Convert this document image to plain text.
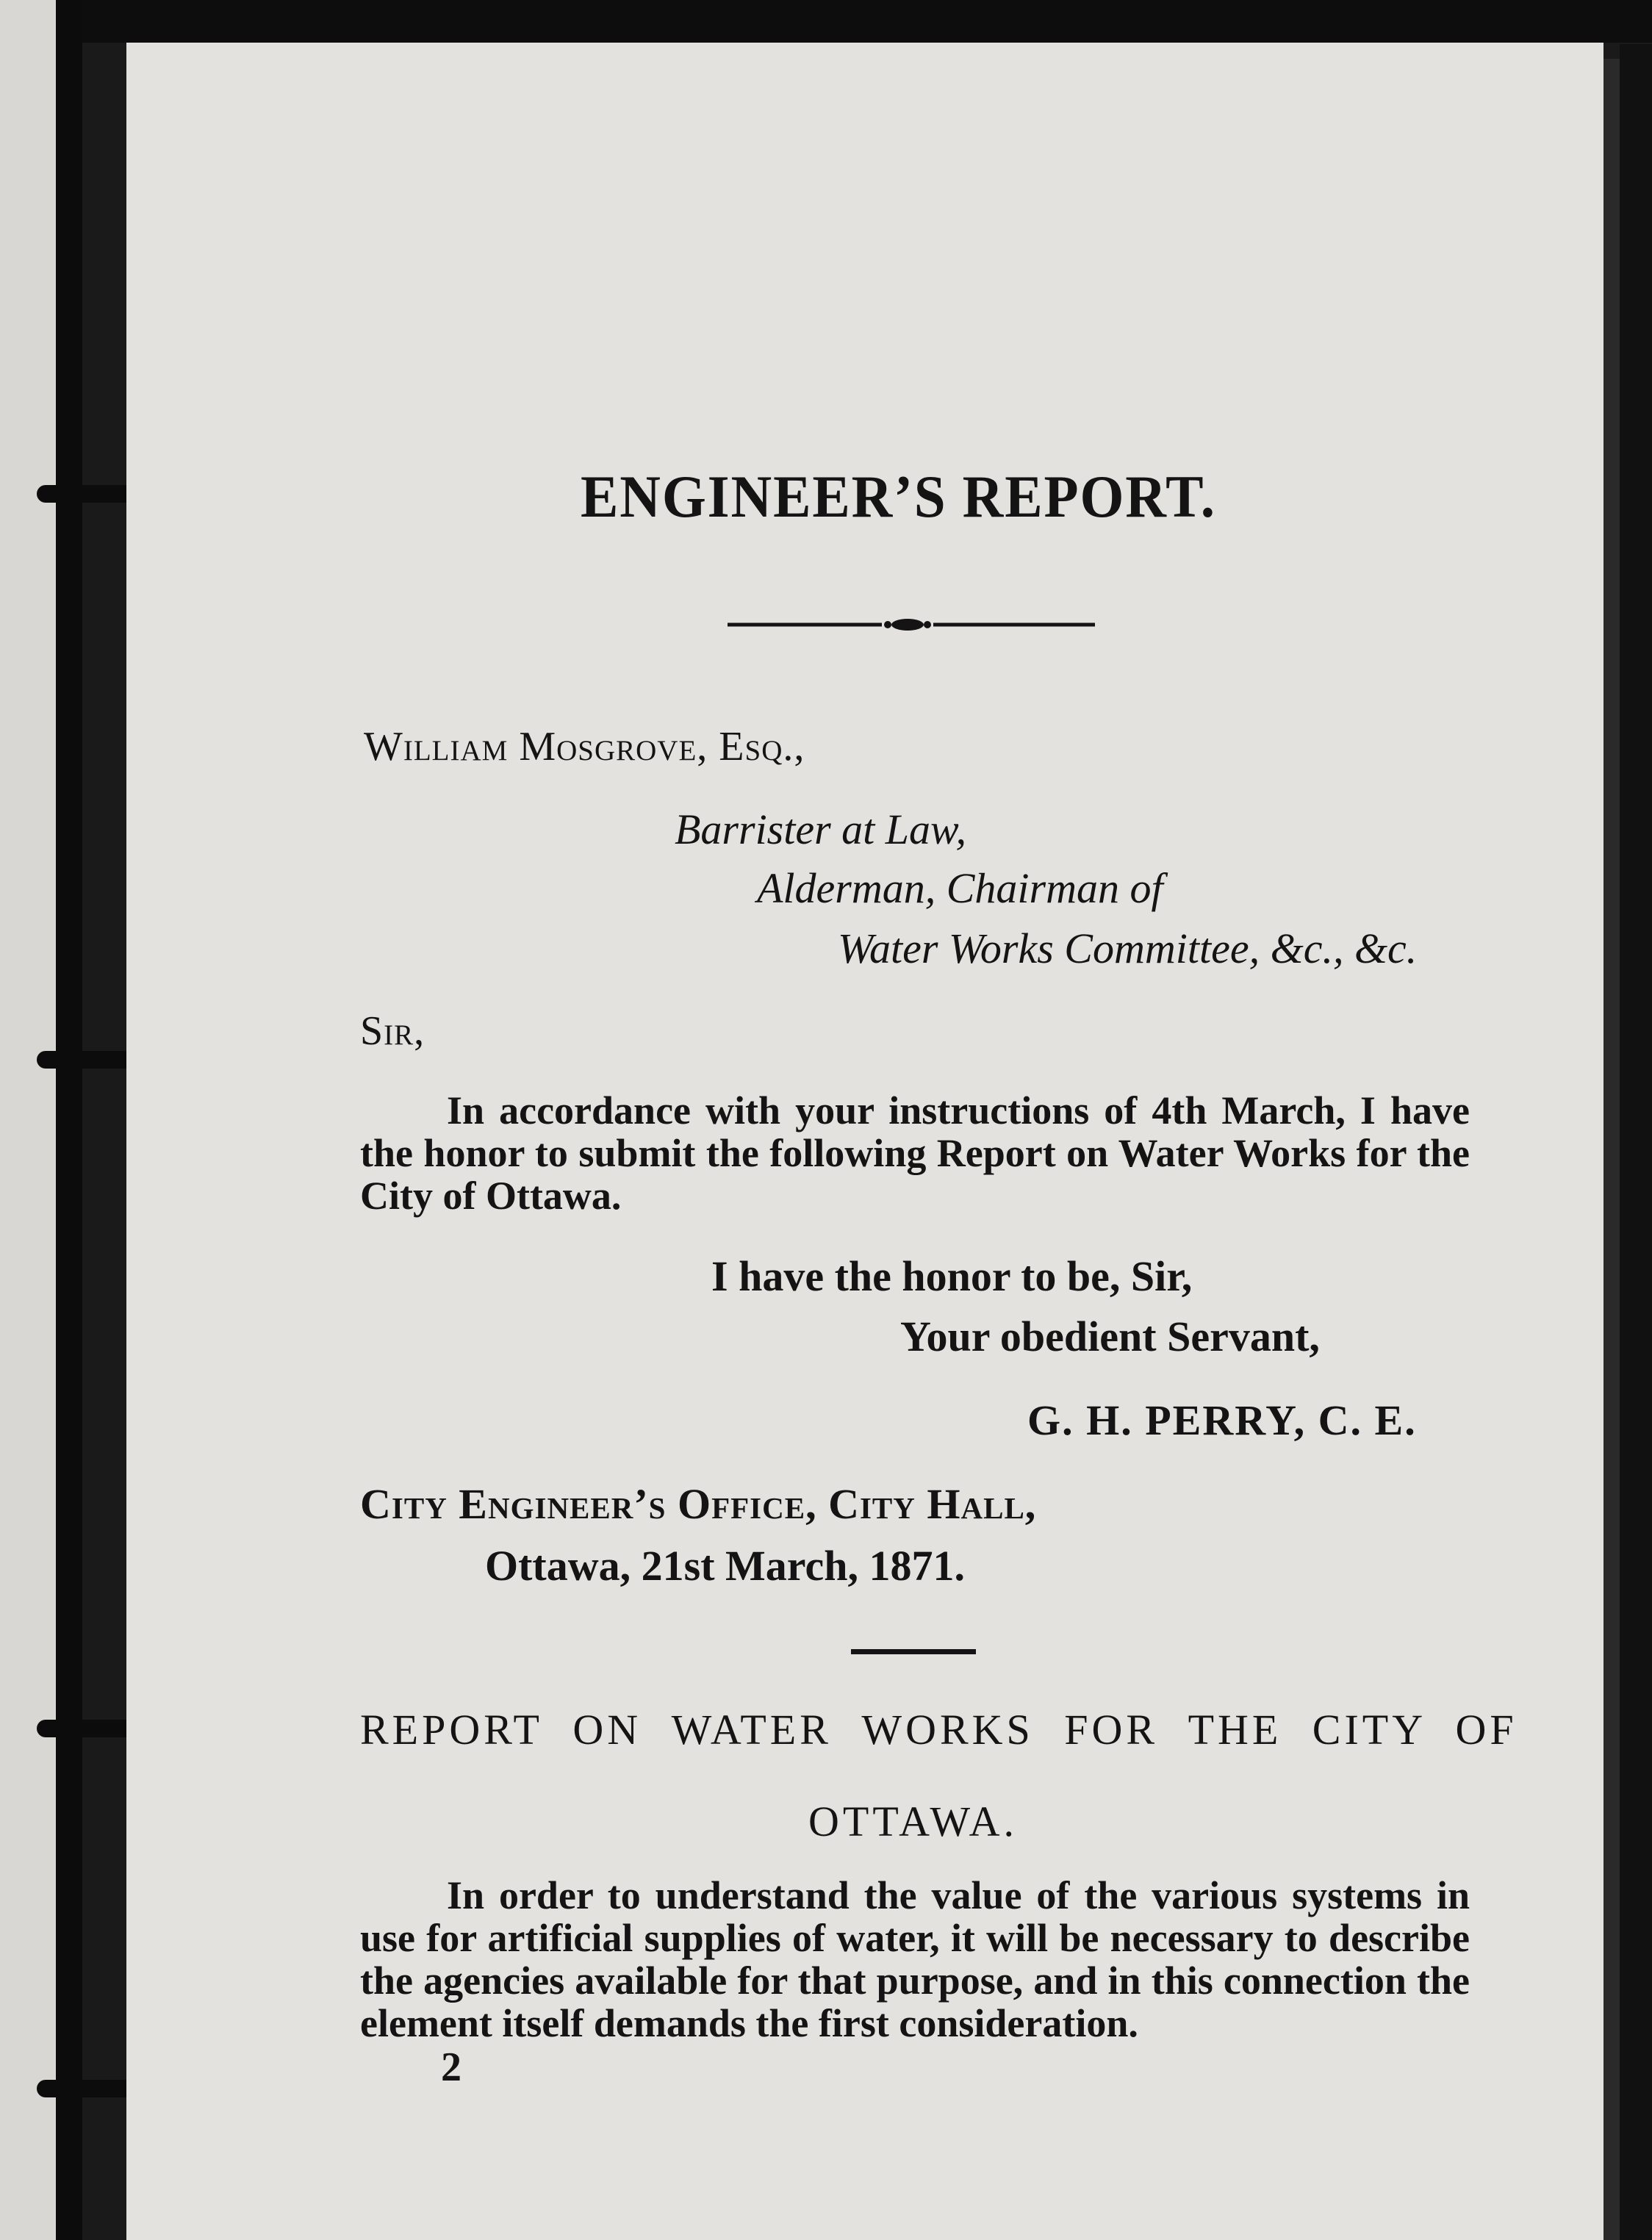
ENGINEER’S REPORT.
William Mosgrove, Esq.,
Barrister at Law,
Alderman, Chairman of
Water Works Committee, &c., &c.
Sir,
In accordance with your instructions of 4th March, I have the honor to submit the following Report on Water Works for the City of Ottawa.
I have the honor to be, Sir,
Your obedient Servant,
G. H. PERRY, C. E.
City Engineer’s Office, City Hall,
Ottawa, 21st March, 1871.
REPORT ON WATER WORKS FOR THE CITY OF
OTTAWA.
In order to understand the value of the various systems in use for artificial supplies of water, it will be necessary to describe the agencies available for that purpose, and in this connection the element itself demands the first consideration.
2
